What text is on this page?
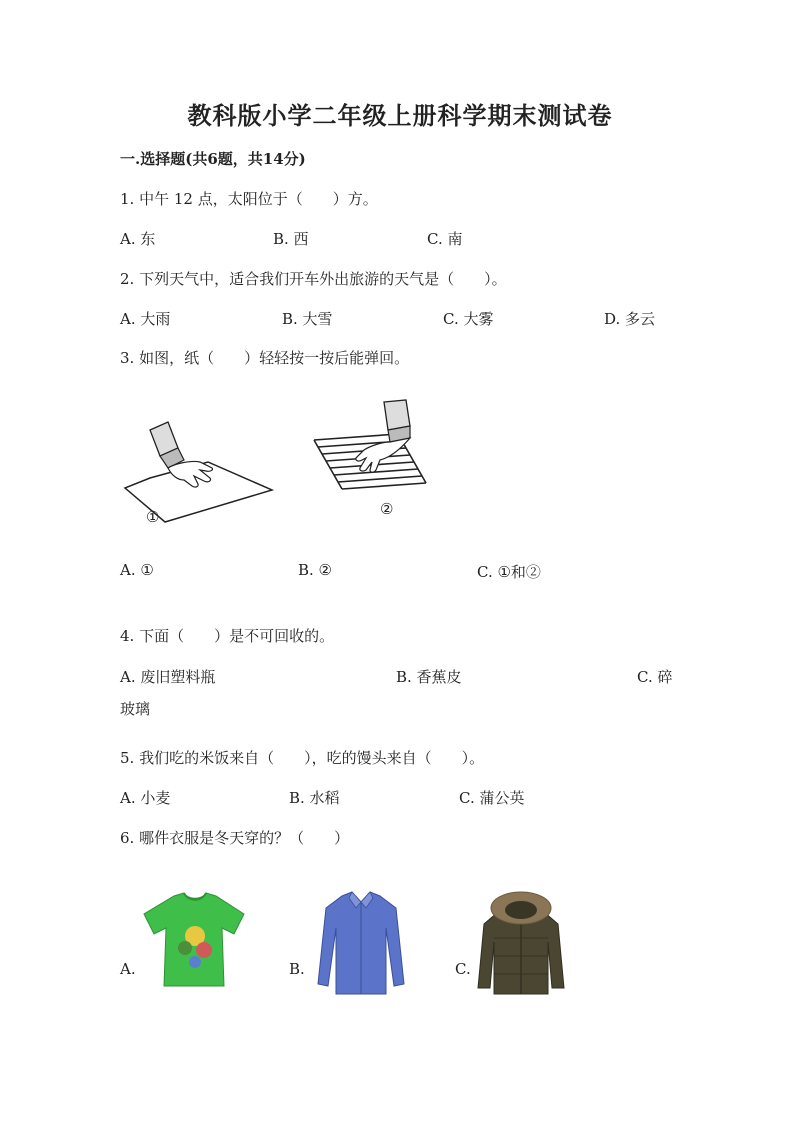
教科版小学二年级上册科学期末测试卷
一.选择题(共6题，共14分)
1. 中午 12 点，太阳位于（　　）方。
A. 东	B. 西	C. 南
2. 下列天气中，适合我们开车外出旅游的天气是（　　）。
A. 大雨	B. 大雪	C. 大雾	D. 多云
3. 如图，纸（　　）轻轻按一按后能弹回。
①	②
A. ①	B. ②	C. ①和②
4. 下面（　　）是不可回收的。
A. 废旧塑料瓶	B. 香蕉皮	C. 碎
玻璃
5. 我们吃的米饭来自（　　），吃的馒头来自（　　）。
A. 小麦	B. 水稻	C. 蒲公英
6. 哪件衣服是冬天穿的？（　　）
A.	B.	C.
